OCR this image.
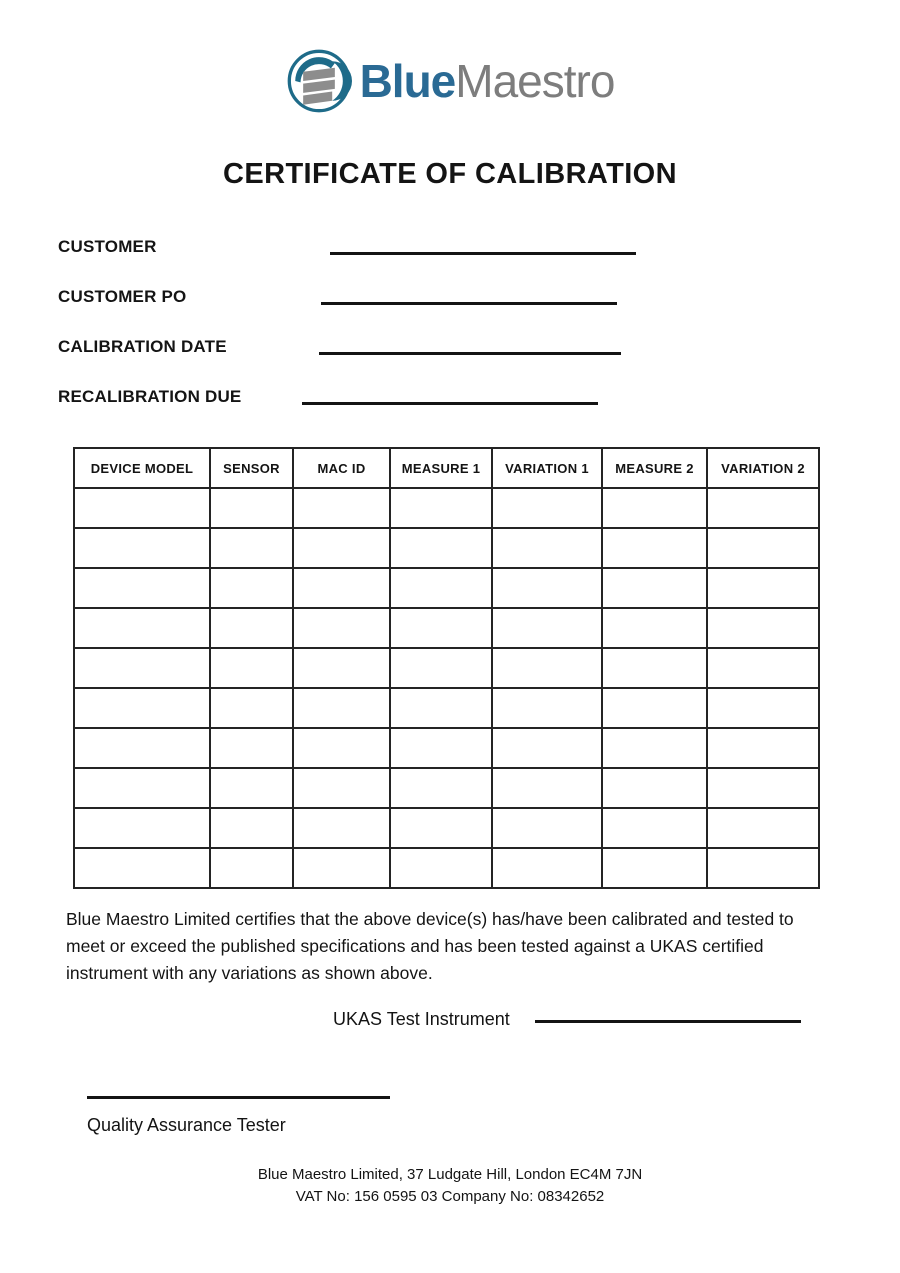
BlueMaestro
CERTIFICATE OF CALIBRATION
CUSTOMER
CUSTOMER PO
CALIBRATION DATE
RECALIBRATION DUE
DEVICE MODEL	SENSOR	MAC ID	MEASURE 1	VARIATION 1	MEASURE 2	VARIATION 2

Blue Maestro Limited certifies that the above device(s) has/have been calibrated and tested to meet or exceed the published specifications and has been tested against a UKAS certified instrument with any variations as shown above.
UKAS Test Instrument
Quality Assurance Tester
Blue Maestro Limited, 37 Ludgate Hill, London EC4M 7JN
VAT No: 156 0595 03 Company No: 08342652
